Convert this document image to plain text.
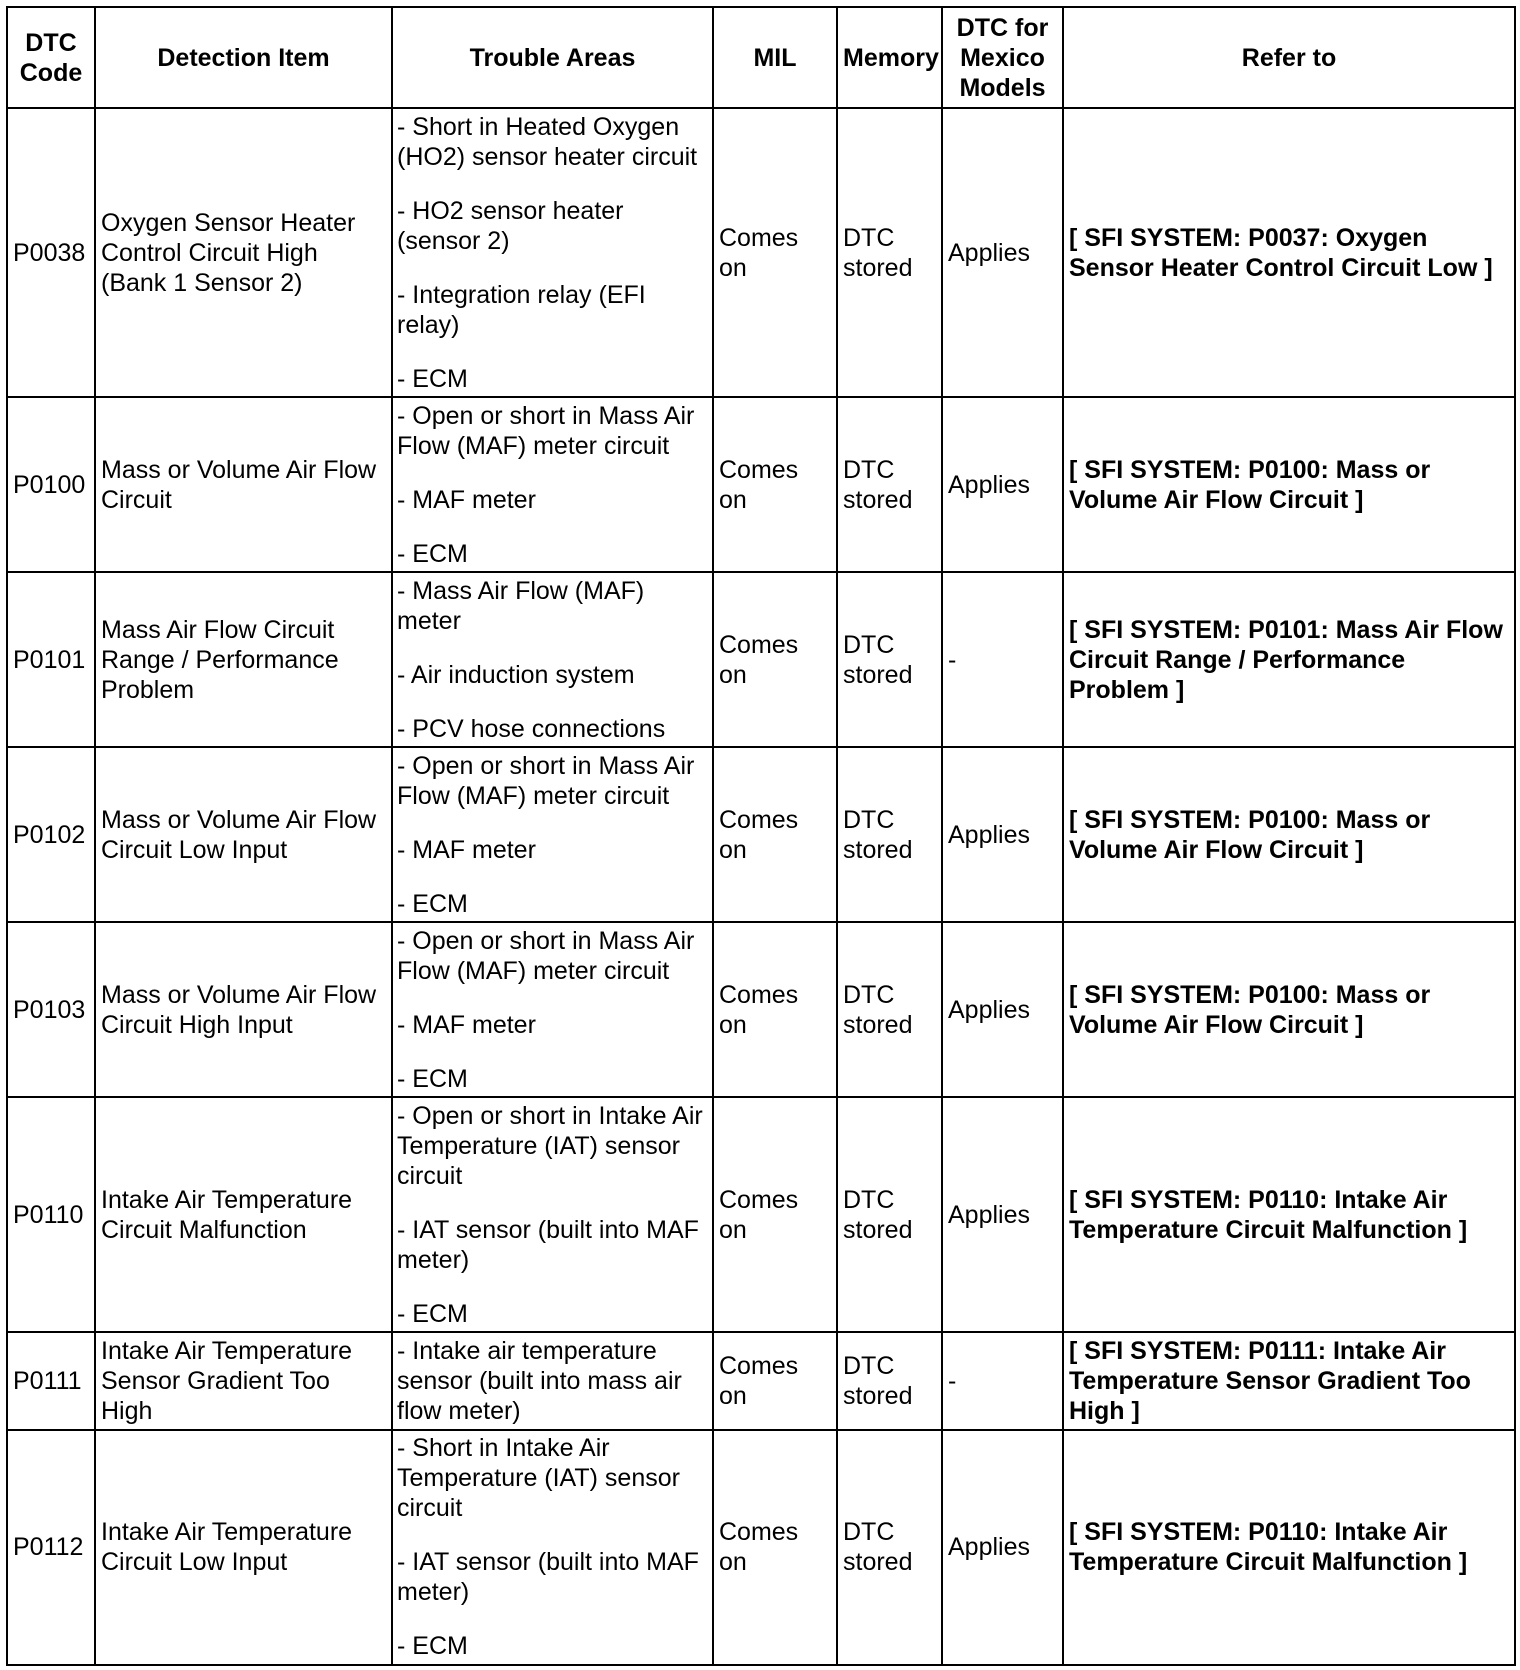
DTC Code	Detection Item	Trouble Areas	MIL	Memory	DTC for Mexico Models	Refer to
P0038	Oxygen Sensor Heater Control Circuit High (Bank 1 Sensor 2)	- Short in Heated Oxygen (HO2) sensor heater circuit
- HO2 sensor heater (sensor 2)
- Integration relay (EFI relay)
- ECM	Comes on	DTC stored	Applies	[ SFI SYSTEM: P0037: Oxygen Sensor Heater Control Circuit Low ]
P0100	Mass or Volume Air Flow Circuit	- Open or short in Mass Air Flow (MAF) meter circuit
- MAF meter
- ECM	Comes on	DTC stored	Applies	[ SFI SYSTEM: P0100: Mass or Volume Air Flow Circuit ]
P0101	Mass Air Flow Circuit Range / Performance Problem	- Mass Air Flow (MAF) meter
- Air induction system
- PCV hose connections	Comes on	DTC stored	-	[ SFI SYSTEM: P0101: Mass Air Flow Circuit Range / Performance Problem ]
P0102	Mass or Volume Air Flow Circuit Low Input	- Open or short in Mass Air Flow (MAF) meter circuit
- MAF meter
- ECM	Comes on	DTC stored	Applies	[ SFI SYSTEM: P0100: Mass or Volume Air Flow Circuit ]
P0103	Mass or Volume Air Flow Circuit High Input	- Open or short in Mass Air Flow (MAF) meter circuit
- MAF meter
- ECM	Comes on	DTC stored	Applies	[ SFI SYSTEM: P0100: Mass or Volume Air Flow Circuit ]
P0110	Intake Air Temperature Circuit Malfunction	- Open or short in Intake Air Temperature (IAT) sensor circuit
- IAT sensor (built into MAF meter)
- ECM	Comes on	DTC stored	Applies	[ SFI SYSTEM: P0110: Intake Air Temperature Circuit Malfunction ]
P0111	Intake Air Temperature Sensor Gradient Too High	- Intake air temperature sensor (built into mass air flow meter)	Comes on	DTC stored	-	[ SFI SYSTEM: P0111: Intake Air Temperature Sensor Gradient Too High ]
P0112	Intake Air Temperature Circuit Low Input	- Short in Intake Air Temperature (IAT) sensor circuit
- IAT sensor (built into MAF meter)
- ECM	Comes on	DTC stored	Applies	[ SFI SYSTEM: P0110: Intake Air Temperature Circuit Malfunction ]
